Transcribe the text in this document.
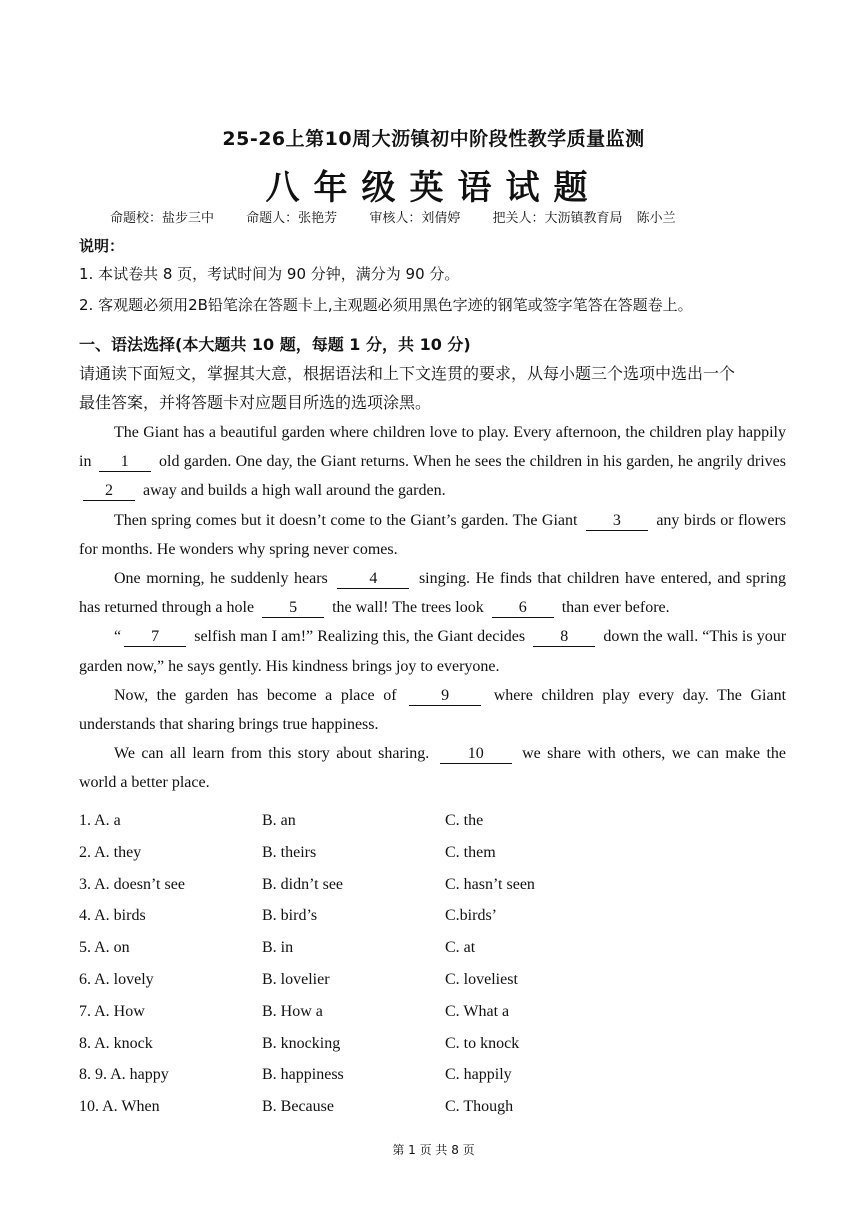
25-26上第10周大沥镇初中阶段性教学质量监测
八年级英语试题
命题校：盐步三中 命题人：张艳芳 审核人：刘倩婷 把关人：大沥镇教育局 陈小兰
说明：
1. 本试卷共 8 页，考试时间为 90 分钟，满分为 90 分。
2. 客观题必须用2B铅笔涂在答题卡上,主观题必须用黑色字迹的钢笔或签字笔答在答题卷上。
一、语法选择(本大题共 10 题，每题 1 分，共 10 分)
请通读下面短文，掌握其大意，根据语法和上下文连贯的要求，从每小题三个选项中选出一个
最佳答案，并将答题卡对应题目所选的选项涂黑。

The Giant has a beautiful garden where children love to play. Every afternoon, the children play happily in 1 old garden. One day, the Giant returns. When he sees the children in his garden, he angrily drives 2 away and builds a high wall around the garden.

Then spring comes but it doesn’t come to the Giant’s garden. The Giant 3 any birds or flowers for months. He wonders why spring never comes.

One morning, he suddenly hears	4	singing. He finds that children have entered, and spring has returned through a hole 5 the wall! The trees look 6 than ever before.

“ 7 selfish man I am!” Realizing this, the Giant decides 8 down the wall. “This is your garden now,” he says gently. His kindness brings joy to everyone.

Now, the garden has become a place of	9	where children play every day. The Giant understands that sharing brings true happiness.

We can all learn from this story about sharing. 10 we share with others, we can make the world a better place.

1. A. a	B. an	C. the
2. A. they	B. theirs	C. them
3. A. doesn’t see	B. didn’t see	C. hasn’t seen
4. A. birds	B. bird’s	C.birds’
5. A. on	B. in	C. at
6. A. lovely	B. lovelier	C. loveliest
7. A. How	B. How a	C. What a
8. A. knock	B. knocking	C. to knock
8. 9. A. happy	B. happiness	C. happily
10. A. When	B. Because	C. Though
第 1 页 共 8 页
